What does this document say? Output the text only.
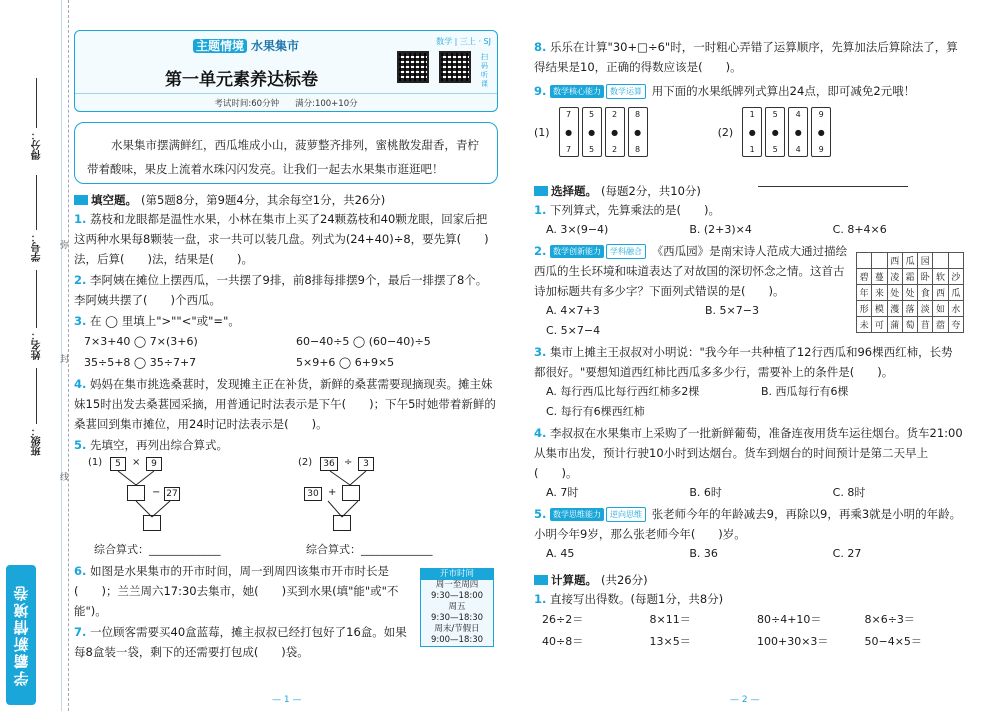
得分：
学号：
姓名：
班级：
弥
封
线
学霸新情境卷
主题情境 水果集市	数学 | 三上 · SJ
第一单元素养达标卷
扫码听课
考试时间:60分钟 满分:100+10分
水果集市摆满鲜红，西瓜堆成小山，菠萝整齐排列，蜜桃散发甜香，青柠带着酸味，果皮上流着水珠闪闪发亮。让我们一起去水果集市逛逛吧！
填空题。 (第5题8分，第9题4分，其余每空1分，共26分)
1. 荔枝和龙眼都是温性水果，小林在集市上买了24颗荔枝和40颗龙眼，回家后把这两种水果每8颗装一盘，求一共可以装几盘。列式为(24+40)÷8，要先算(　　)法，后算(　　)法，结果是(　　)。
2. 李阿姨在摊位上摆西瓜，一共摆了9排，前8排每排摆9个，最后一排摆了8个。李阿姨共摆了(　　)个西瓜。
3. 在 ◯ 里填上">""<"或"="。
7×3+40 ◯ 7×(3+6)	60−40÷5 ◯ (60−40)÷5
35÷5+8 ◯ 35÷7+7	5×9+6 ◯ 6+9×5
4. 妈妈在集市挑选桑葚时，发现摊主正在补货，新鲜的桑葚需要现摘现卖。摊主妹妹15时出发去桑葚园采摘，用普通记时法表示是下午(　　)；下午5时她带着新鲜的桑葚回到集市摊位，用24时记时法表示是(　　)。
5. 先填空，再列出综合算式。
(1)	5	×	9
− 27
(2)	36 ÷	3
30 +
综合算式：_____________	综合算式：_____________
6. 如图是水果集市的开市时间，周一到周四该集市开市时长是(　　)；兰兰周六17:30去集市，她(　　)买到水果(填"能"或"不能")。
7. 一位顾客需要买40盒蓝莓，摊主叔叔已经打包好了16盒。如果每8盒装一袋，剩下的还需要打包成(　　)袋。
开市时间
周一至周四
9:30—18:00
周五
9:30—18:30
周末/节假日
9:00—18:30
— 1 —
8. 乐乐在计算"30+□÷6"时，一时粗心弄错了运算顺序，先算加法后算除法了，算得结果是10，正确的得数应该是(　　)。
9. 数学核心能力 数学运算 用下面的水果纸牌列式算出24点，即可减免2元哦！
(1)
7
●
7
5
●
5
2
●
2
8
●
8
(2)
1
●
1
5
●
5
4
●
4
9
●
9
选择题。 (每题2分，共10分)
1. 下列算式，先算乘法的是(　　)。
A. 3×(9−4)	B. (2+3)×4	C. 8+4×6
2. 数学创新能力 学科融合 《西瓜园》是南宋诗人范成大通过描绘西瓜的生长环境和味道表达了对故国的深切怀念之情。这首古诗加标题共有多少字？下面列式错误的是(　　)。
A. 4×7+3	B. 5×7−3
C. 5×7−4
		西	瓜	园		
碧	蔓	凌	霜	卧	软	沙
年	来	处	处	食	西	瓜
形	模	濩	落	淡	如	水
未	可	蒲	萄	苜	蓿	夸
3. 集市上摊主王叔叔对小明说："我今年一共种植了12行西瓜和96棵西红柿，长势都很好。"要想知道西红柿比西瓜多多少行，需要补上的条件是(　　)。
A. 每行西瓜比每行西红柿多2棵	B. 西瓜每行有6棵
C. 每行有6棵西红柿
4. 李叔叔在水果集市上采购了一批新鲜葡萄，准备连夜用货车运往烟台。货车21:00从集市出发，预计行驶10小时到达烟台。货车到烟台的时间预计是第二天早上(　　)。
A. 7时	B. 6时	C. 8时
5. 数学思维能力 逆向思维 张老师今年的年龄减去9，再除以9，再乘3就是小明的年龄。小明今年9岁，那么张老师今年(　　)岁。
A. 45	B. 36	C. 27
计算题。 (共26分)
1. 直接写出得数。(每题1分，共8分)
26÷2＝	8×11＝	80÷4+10＝	8×6÷3＝
40÷8＝	13×5＝	100+30×3＝	50−4×5＝
— 2 —
